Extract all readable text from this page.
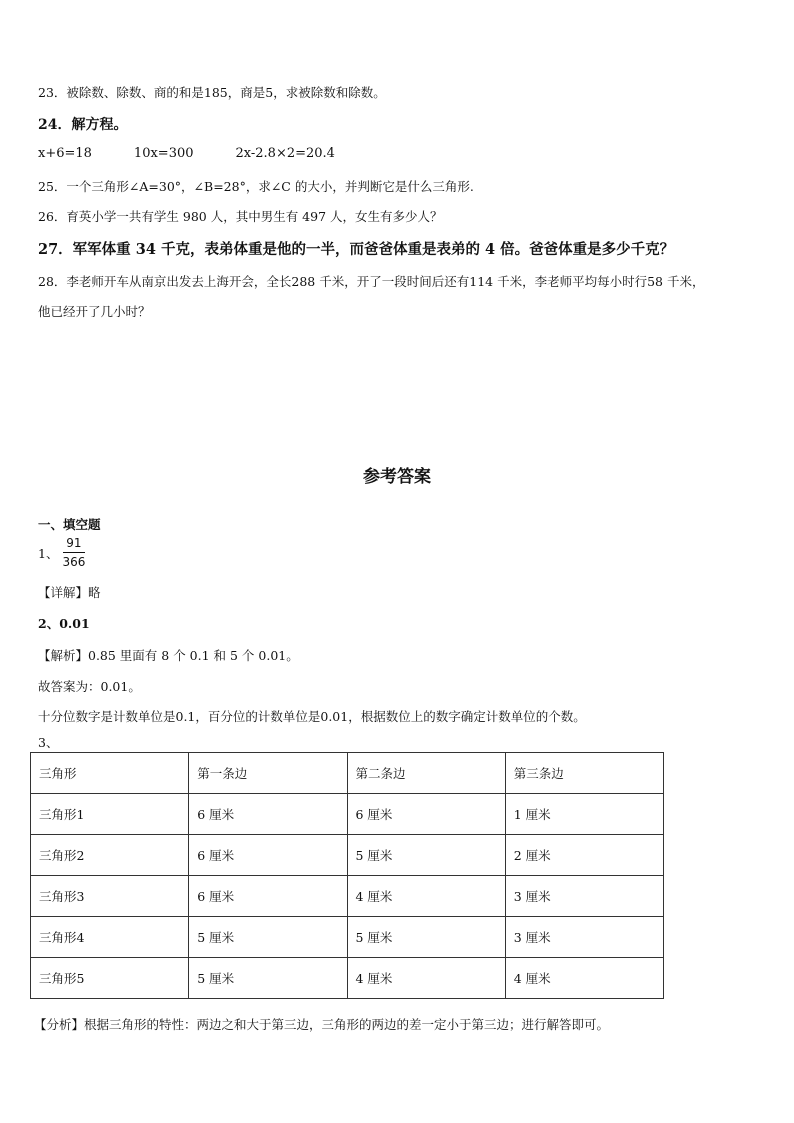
23．被除数、除数、商的和是185，商是5，求被除数和除数。
24．解方程。
x+6=18	10x=300	2x-2.8×2=20.4
25．一个三角形∠A=30°，∠B=28°，求∠C 的大小，并判断它是什么三角形.
26．育英小学一共有学生 980 人，其中男生有 497 人，女生有多少人？
27．军军体重 34 千克，表弟体重是他的一半，而爸爸体重是表弟的 4 倍。爸爸体重是多少千克？
28．李老师开车从南京出发去上海开会，全长288 千米，开了一段时间后还有114 千米，李老师平均每小时行58 千米，
他已经开了几小时？
参考答案
一、填空题
1、 $\frac{91}{366}$
【详解】略
2、0.01
【解析】0.85 里面有 8 个 0.1 和 5 个 0.01。
故答案为：0.01。
十分位数字是计数单位是0.1，百分位的计数单位是0.01，根据数位上的数字确定计数单位的个数。
3、
三角形	第一条边	第二条边	第三条边
三角形1	6 厘米	6 厘米	1 厘米
三角形2	6 厘米	5 厘米	2 厘米
三角形3	6 厘米	4 厘米	3 厘米
三角形4	5 厘米	5 厘米	3 厘米
三角形5	5 厘米	4 厘米	4 厘米
【分析】根据三角形的特性：两边之和大于第三边，三角形的两边的差一定小于第三边；进行解答即可。
